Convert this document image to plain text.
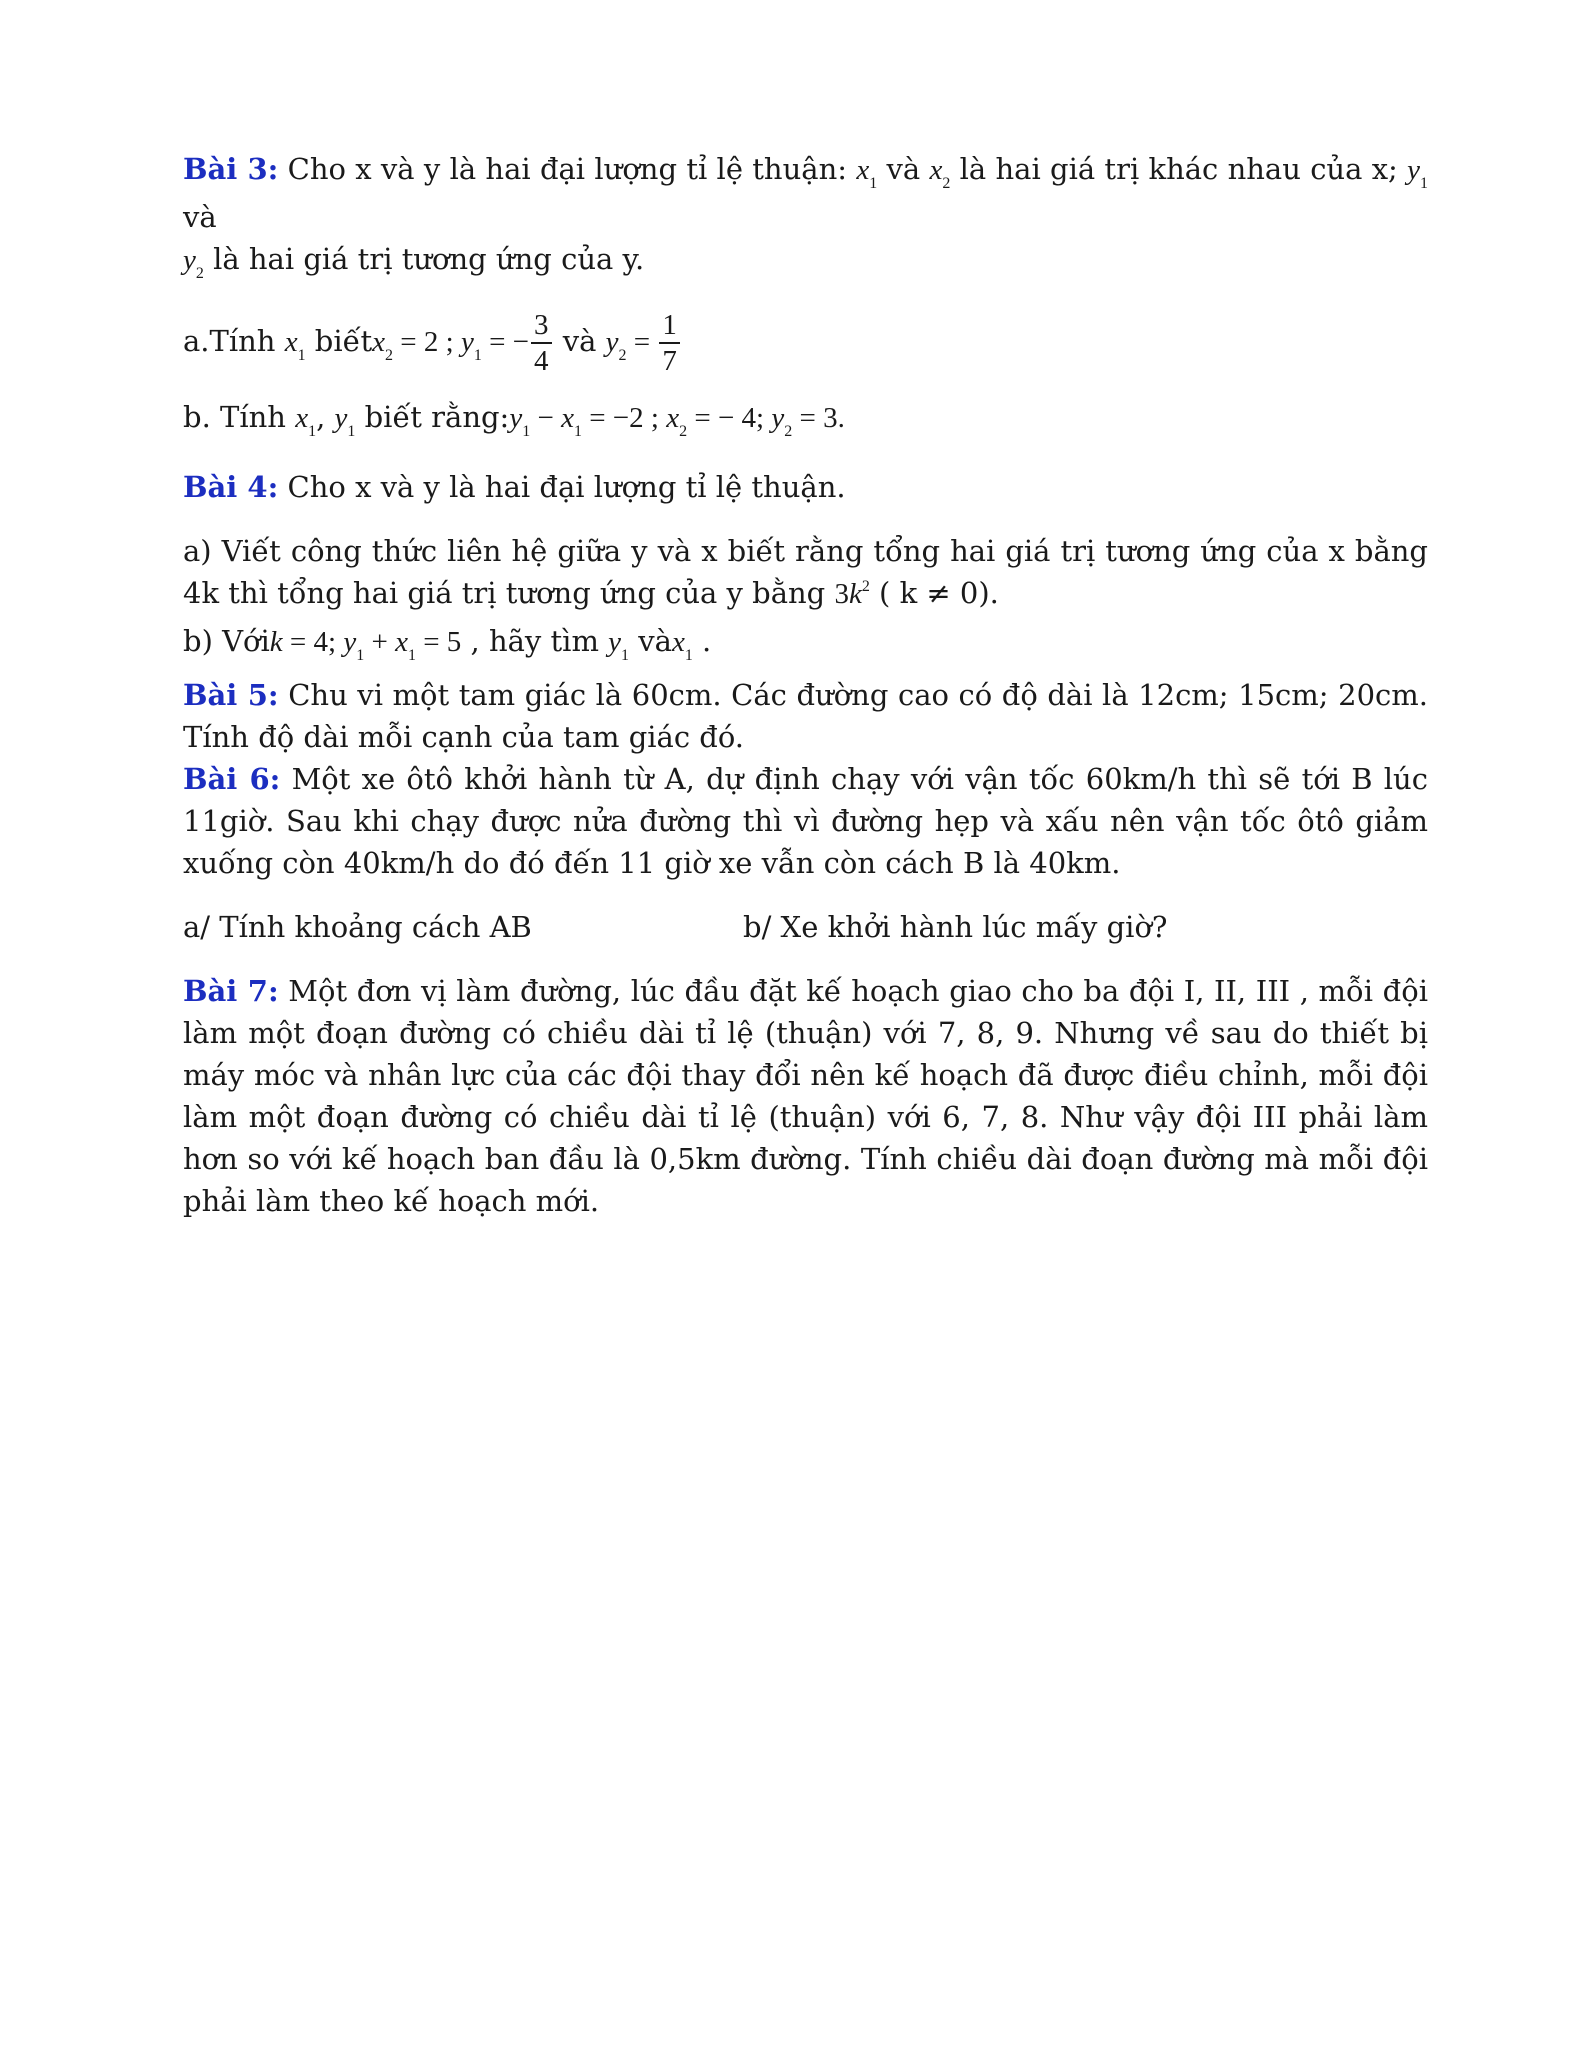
Bài 3: Cho x và y là hai đại lượng tỉ lệ thuận: $x_1$ và $x_2$ là hai giá trị khác nhau của x; $y_1$ và
$y_2$ là hai giá trị tương ứng của y.

a.Tính $x_1$ biếtx$_2$ = 2 ; $y_1$ = − $\frac{3}{4}$ và $y_2 = \frac{1}{7}$

b. Tính $x_1$, $y_1$ biết $rằng:y_1 - x_1 = -2$ ; $x_2$ = − 4; $y_2 = 3$.

Bài 4: Cho x và y là hai đại lượng tỉ lệ thuận.

a) Viết công thức liên hệ giữa y và x biết rằng tổng hai giá trị tương ứng của x bằng 4k thì tổng hai giá trị tương ứng của y bằng $3k^2$ ( k ≠ 0).

b) Vớik = 4; $y_1 + x_1 = 5$ , hãy tìm $y_1$ vàx$_1$ .

Bài 5: Chu vi một tam giác là 60cm. Các đường cao có độ dài là 12cm; 15cm; 20cm. Tính độ dài mỗi cạnh của tam giác đó.

Bài 6: Một xe ôtô khởi hành từ A, dự định chạy với vận tốc 60km/h thì sẽ tới B lúc 11giờ. Sau khi chạy được nửa đường thì vì đường hẹp và xấu nên vận tốc ôtô giảm xuống còn 40km/h do đó đến 11 giờ xe vẫn còn cách B là 40km.

a/ Tính khoảng cách AB	b/ Xe khởi hành lúc mấy giờ?

Bài 7: Một đơn vị làm đường, lúc đầu đặt kế hoạch giao cho ba đội I, II, III , mỗi đội làm một đoạn đường có chiều dài tỉ lệ (thuận) với 7, 8, 9. Nhưng về sau do thiết bị máy móc và nhân lực của các đội thay đổi nên kế hoạch đã được điều chỉnh, mỗi đội làm một đoạn đường có chiều dài tỉ lệ (thuận) với 6, 7, 8. Như vậy đội III phải làm hơn so với kế hoạch ban đầu là 0,5km đường. Tính chiều dài đoạn đường mà mỗi đội phải làm theo kế hoạch mới.
